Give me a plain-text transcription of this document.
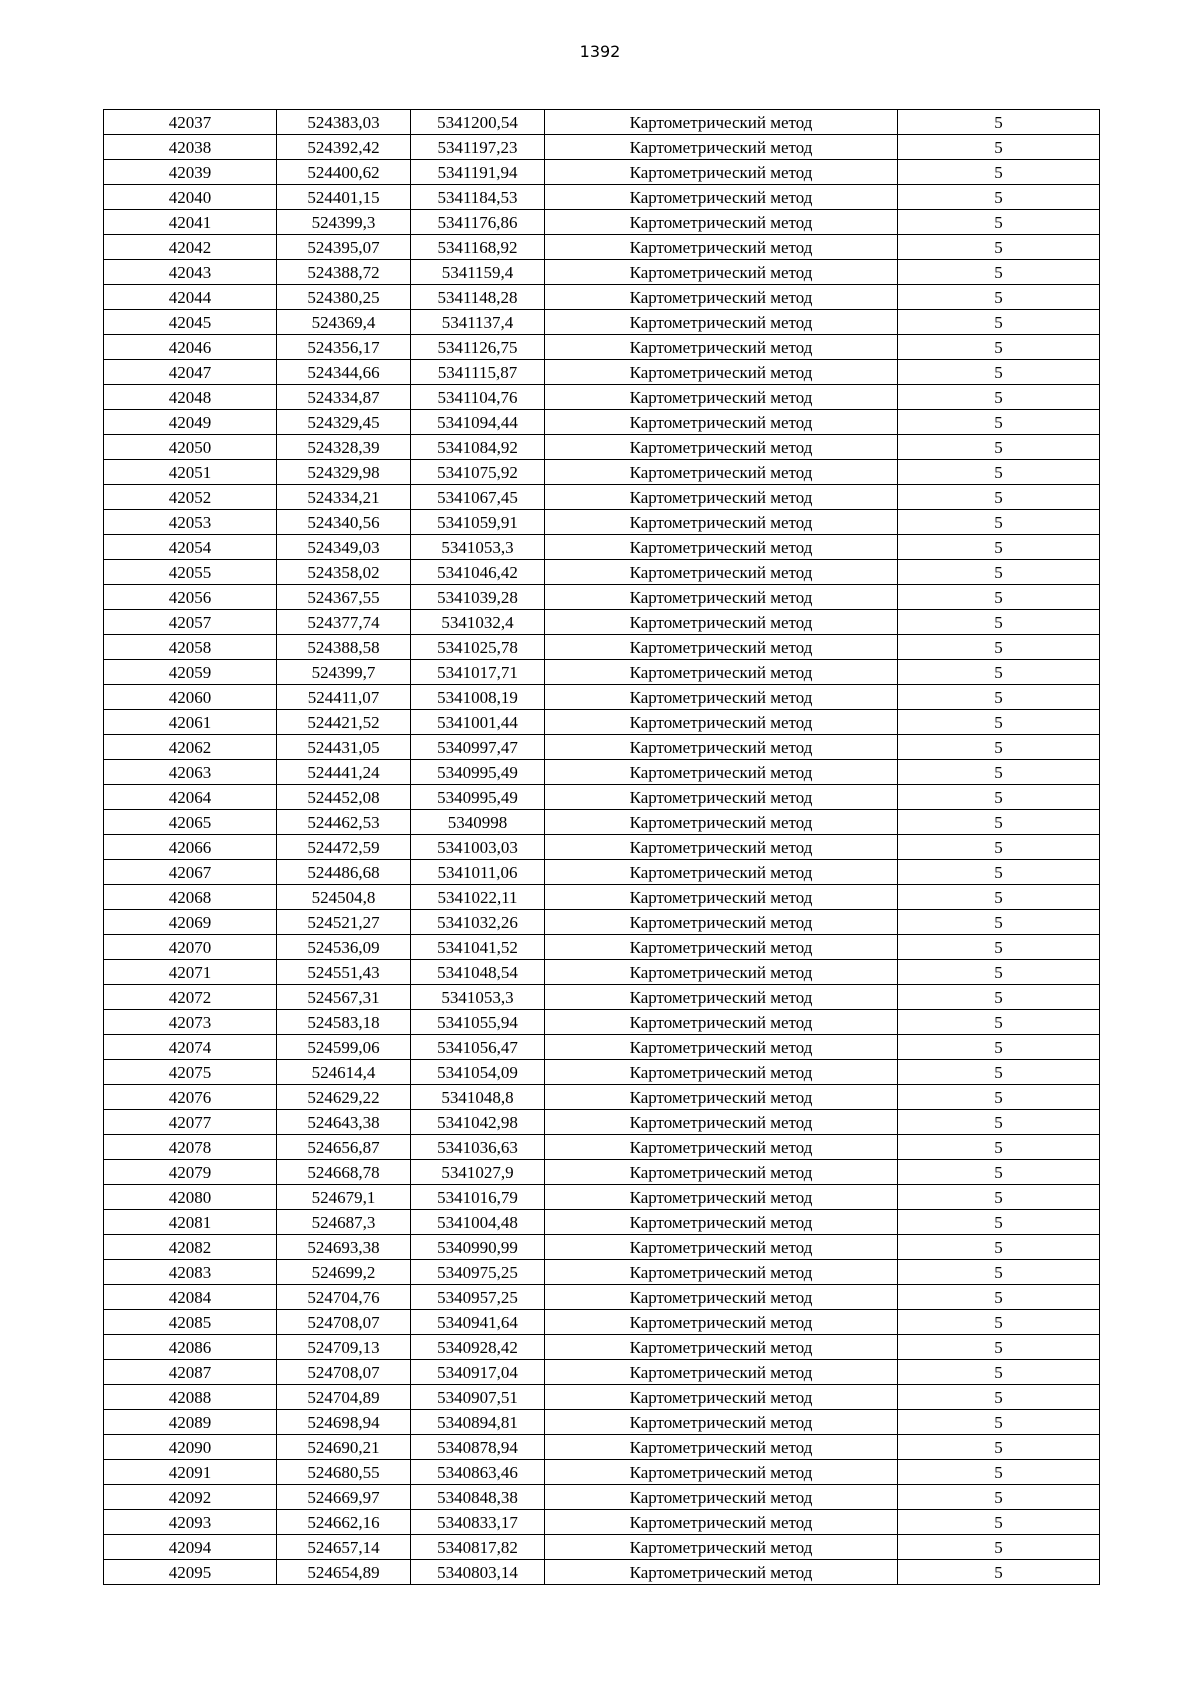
1392
42037	524383,03	5341200,54	Картометрический метод	5
42038	524392,42	5341197,23	Картометрический метод	5
42039	524400,62	5341191,94	Картометрический метод	5
42040	524401,15	5341184,53	Картометрический метод	5
42041	524399,3	5341176,86	Картометрический метод	5
42042	524395,07	5341168,92	Картометрический метод	5
42043	524388,72	5341159,4	Картометрический метод	5
42044	524380,25	5341148,28	Картометрический метод	5
42045	524369,4	5341137,4	Картометрический метод	5
42046	524356,17	5341126,75	Картометрический метод	5
42047	524344,66	5341115,87	Картометрический метод	5
42048	524334,87	5341104,76	Картометрический метод	5
42049	524329,45	5341094,44	Картометрический метод	5
42050	524328,39	5341084,92	Картометрический метод	5
42051	524329,98	5341075,92	Картометрический метод	5
42052	524334,21	5341067,45	Картометрический метод	5
42053	524340,56	5341059,91	Картометрический метод	5
42054	524349,03	5341053,3	Картометрический метод	5
42055	524358,02	5341046,42	Картометрический метод	5
42056	524367,55	5341039,28	Картометрический метод	5
42057	524377,74	5341032,4	Картометрический метод	5
42058	524388,58	5341025,78	Картометрический метод	5
42059	524399,7	5341017,71	Картометрический метод	5
42060	524411,07	5341008,19	Картометрический метод	5
42061	524421,52	5341001,44	Картометрический метод	5
42062	524431,05	5340997,47	Картометрический метод	5
42063	524441,24	5340995,49	Картометрический метод	5
42064	524452,08	5340995,49	Картометрический метод	5
42065	524462,53	5340998	Картометрический метод	5
42066	524472,59	5341003,03	Картометрический метод	5
42067	524486,68	5341011,06	Картометрический метод	5
42068	524504,8	5341022,11	Картометрический метод	5
42069	524521,27	5341032,26	Картометрический метод	5
42070	524536,09	5341041,52	Картометрический метод	5
42071	524551,43	5341048,54	Картометрический метод	5
42072	524567,31	5341053,3	Картометрический метод	5
42073	524583,18	5341055,94	Картометрический метод	5
42074	524599,06	5341056,47	Картометрический метод	5
42075	524614,4	5341054,09	Картометрический метод	5
42076	524629,22	5341048,8	Картометрический метод	5
42077	524643,38	5341042,98	Картометрический метод	5
42078	524656,87	5341036,63	Картометрический метод	5
42079	524668,78	5341027,9	Картометрический метод	5
42080	524679,1	5341016,79	Картометрический метод	5
42081	524687,3	5341004,48	Картометрический метод	5
42082	524693,38	5340990,99	Картометрический метод	5
42083	524699,2	5340975,25	Картометрический метод	5
42084	524704,76	5340957,25	Картометрический метод	5
42085	524708,07	5340941,64	Картометрический метод	5
42086	524709,13	5340928,42	Картометрический метод	5
42087	524708,07	5340917,04	Картометрический метод	5
42088	524704,89	5340907,51	Картометрический метод	5
42089	524698,94	5340894,81	Картометрический метод	5
42090	524690,21	5340878,94	Картометрический метод	5
42091	524680,55	5340863,46	Картометрический метод	5
42092	524669,97	5340848,38	Картометрический метод	5
42093	524662,16	5340833,17	Картометрический метод	5
42094	524657,14	5340817,82	Картометрический метод	5
42095	524654,89	5340803,14	Картометрический метод	5
